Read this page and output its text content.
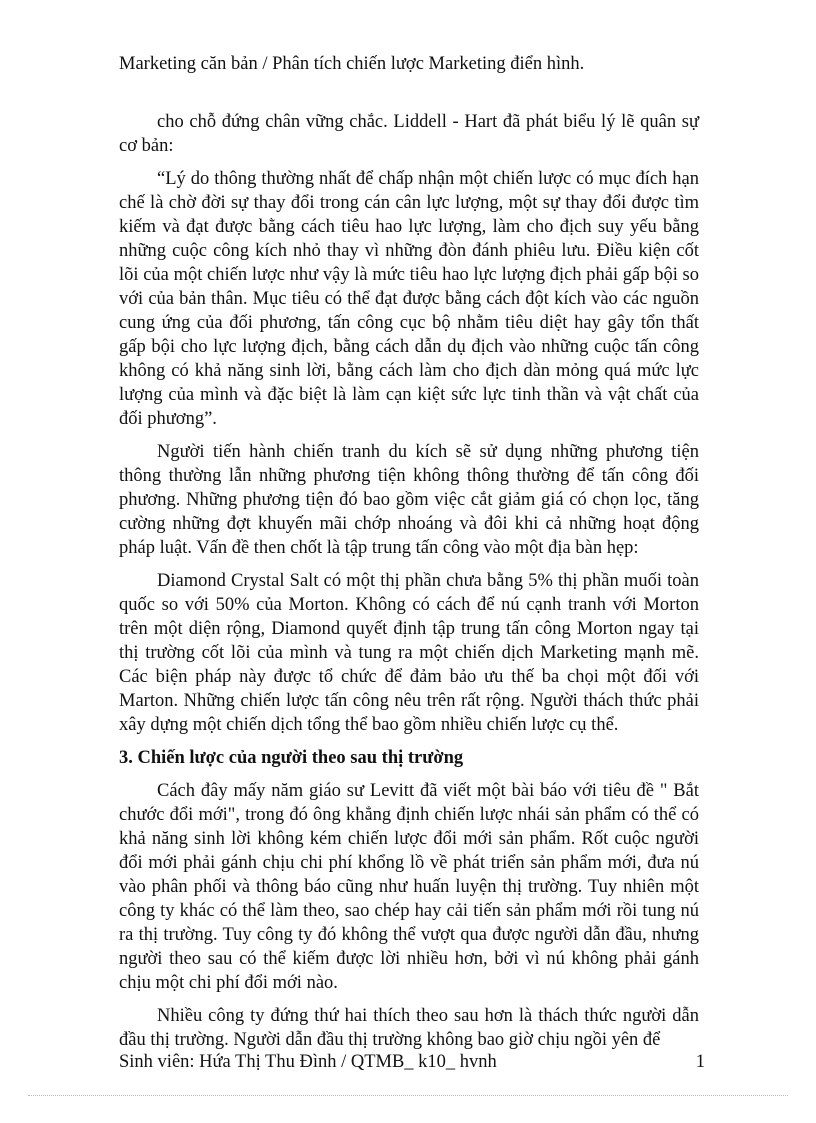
Marketing căn bản / Phân tích chiến lược Marketing điển hình.

cho chỗ đứng chân vững chắc. Liddell - Hart đã phát biểu lý lẽ quân sự cơ bản:

“Lý do thông thường nhất để chấp nhận một chiến lược có mục đích hạn chế là chờ đời sự thay đổi trong cán cân lực lượng, một sự thay đổi được tìm kiếm và đạt được bằng cách tiêu hao lực lượng, làm cho địch suy yếu bằng những cuộc công kích nhỏ thay vì những đòn đánh phiêu lưu. Điều kiện cốt lõi của một chiến lược như vậy là mức tiêu hao lực lượng địch phải gấp bội so với của bản thân. Mục tiêu có thể đạt được bằng cách đột kích vào các nguồn cung ứng của đối phương, tấn công cục bộ nhằm tiêu diệt hay gây tổn thất gấp bội cho lực lượng địch, bằng cách dẫn dụ địch vào những cuộc tấn công không có khả năng sinh lời, bằng cách làm cho địch dàn mỏng quá mức lực lượng của mình và đặc biệt là làm cạn kiệt sức lực tinh thần và vật chất của đối phương”.

Người tiến hành chiến tranh du kích sẽ sử dụng những phương tiện thông thường lẫn những phương tiện không thông thường để tấn công đối phương. Những phương tiện đó bao gồm việc cắt giảm giá có chọn lọc, tăng cường những đợt khuyến mãi chớp nhoáng và đôi khi cả những hoạt động pháp luật. Vấn đề then chốt là tập trung tấn công vào một địa bàn hẹp:

Diamond Crystal Salt có một thị phần chưa bằng 5% thị phần muối toàn quốc so với 50% của Morton. Không có cách để nú cạnh tranh với Morton trên một diện rộng, Diamond quyết định tập trung tấn công Morton ngay tại thị trường cốt lõi của mình và tung ra một chiến dịch Marketing mạnh mẽ. Các biện pháp này được tổ chức để đảm bảo ưu thế ba chọi một đối với Marton. Những chiến lược tấn công nêu trên rất rộng. Người thách thức phải xây dựng một chiến dịch tổng thể bao gồm nhiều chiến lược cụ thể.

3. Chiến lược của người theo sau thị trường

Cách đây mấy năm giáo sư Levitt đã viết một bài báo với tiêu đề " Bắt chước đổi mới", trong đó ông khẳng định chiến lược nhái sản phẩm có thể có khả năng sinh lời không kém chiến lược đổi mới sản phẩm. Rốt cuộc người đổi mới phải gánh chịu chi phí khổng lồ về phát triển sản phẩm mới, đưa nú vào phân phối và thông báo cũng như huấn luyện thị trường. Tuy nhiên một công ty khác có thể làm theo, sao chép hay cải tiến sản phẩm mới rồi tung nú ra thị trường. Tuy công ty đó không thể vượt qua được người dẫn đầu, nhưng người theo sau có thể kiếm được lời nhiều hơn, bởi vì nú không phải gánh chịu một chi phí đổi mới nào.

Nhiều công ty đứng thứ hai thích theo sau hơn là thách thức người dẫn đầu thị trường. Người dẫn đầu thị trường không bao giờ chịu ngồi yên để

Sinh viên: Hứa Thị Thu Đình / QTMB_ k10_ hvnh	1
